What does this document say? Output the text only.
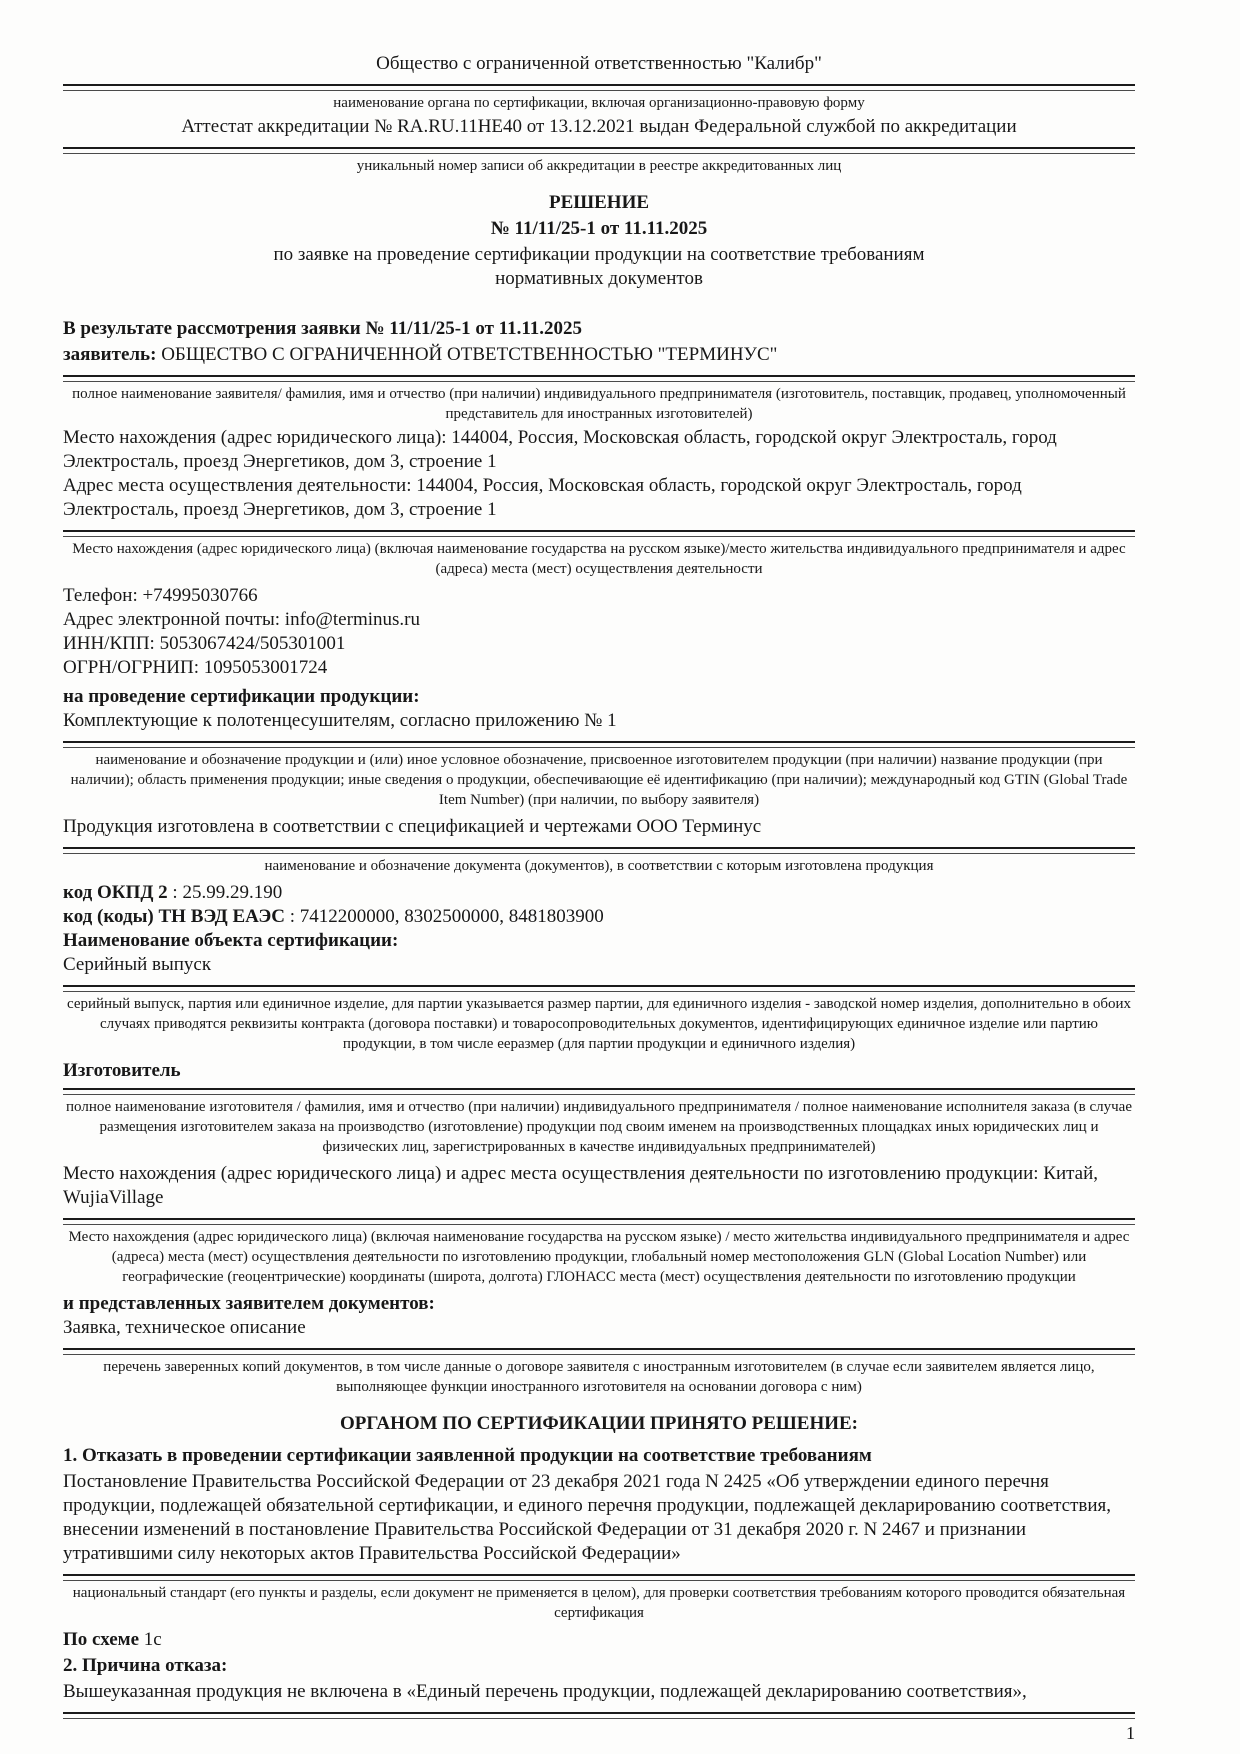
Общество с ограниченной ответственностью "Калибр"
наименование органа по сертификации, включая организационно-правовую форму
Аттестат аккредитации № RA.RU.11HE40 от 13.12.2021 выдан Федеральной службой по аккредитации
уникальный номер записи об аккредитации в реестре аккредитованных лиц
РЕШЕНИЕ
№ 11/11/25-1 от 11.11.2025
по заявке на проведение сертификации продукции на соответствие требованиям
нормативных документов
В результате рассмотрения заявки № 11/11/25-1 от 11.11.2025
заявитель: ОБЩЕСТВО С ОГРАНИЧЕННОЙ ОТВЕТСТВЕННОСТЬЮ "ТЕРМИНУС"
полное наименование заявителя/ фамилия, имя и отчество (при наличии) индивидуального предпринимателя (изготовитель, поставщик, продавец, уполномоченный представитель для иностранных изготовителей)
Место нахождения (адрес юридического лица): 144004, Россия, Московская область, городской округ Электросталь, город Электросталь, проезд Энергетиков, дом 3, строение 1
Адрес места осуществления деятельности: 144004, Россия, Московская область, городской округ Электросталь, город Электросталь, проезд Энергетиков, дом 3, строение 1
Место нахождения (адрес юридического лица) (включая наименование государства на русском языке)/место жительства индивидуального предпринимателя и адрес (адреса) места (мест) осуществления деятельности
Телефон: +74995030766
Адрес электронной почты: info@terminus.ru
ИНН/КПП: 5053067424/505301001
ОГРН/ОГРНИП: 1095053001724
на проведение сертификации продукции:
Комплектующие к полотенцесушителям, согласно приложению № 1
наименование и обозначение продукции и (или) иное условное обозначение, присвоенное изготовителем продукции (при наличии) название продукции (при наличии); область применения продукции; иные сведения о продукции, обеспечивающие её идентификацию (при наличии); международный код GTIN (Global Trade Item Number) (при наличии, по выбору заявителя)
Продукция изготовлена в соответствии с спецификацией и чертежами ООО Терминус
наименование и обозначение документа (документов), в соответствии с которым изготовлена продукция
код ОКПД 2 : 25.99.29.190
код (коды) ТН ВЭД ЕАЭС : 7412200000, 8302500000, 8481803900
Наименование объекта сертификации:
Серийный выпуск
серийный выпуск, партия или единичное изделие, для партии указывается размер партии, для единичного изделия - заводской номер изделия, дополнительно в обоих случаях приводятся реквизиты контракта (договора поставки) и товаросопроводительных документов, идентифицирующих единичное изделие или партию продукции, в том числе ееразмер (для партии продукции и единичного изделия)
Изготовитель
полное наименование изготовителя / фамилия, имя и отчество (при наличии) индивидуального предпринимателя / полное наименование исполнителя заказа (в случае размещения изготовителем заказа на производство (изготовление) продукции под своим именем на производственных площадках иных юридических лиц и физических лиц, зарегистрированных в качестве индивидуальных предпринимателей)
Место нахождения (адрес юридического лица) и адрес места осуществления деятельности по изготовлению продукции: Китай, WujiaVillage
Место нахождения (адрес юридического лица) (включая наименование государства на русском языке) / место жительства индивидуального предпринимателя и адрес (адреса) места (мест) осуществления деятельности по изготовлению продукции, глобальный номер местоположения GLN (Global Location Number) или географические (геоцентрические) координаты (широта, долгота) ГЛОНАСС места (мест) осуществления деятельности по изготовлению продукции
и представленных заявителем документов:
Заявка, техническое описание
перечень заверенных копий документов, в том числе данные о договоре заявителя с иностранным изготовителем (в случае если заявителем является лицо, выполняющее функции иностранного изготовителя на основании договора с ним)
ОРГАНОМ ПО СЕРТИФИКАЦИИ ПРИНЯТО РЕШЕНИЕ:
1. Отказать в проведении сертификации заявленной продукции на соответствие требованиям
Постановление Правительства Российской Федерации от 23 декабря 2021 года N 2425 «Об утверждении единого перечня продукции, подлежащей обязательной сертификации, и единого перечня продукции, подлежащей декларированию соответствия, внесении изменений в постановление Правительства Российской Федерации от 31 декабря 2020 г. N 2467 и признании утратившими силу некоторых актов Правительства Российской Федерации»
национальный стандарт (его пункты и разделы, если документ не применяется в целом), для проверки соответствия требованиям которого проводится обязательная сертификация
По схеме 1с
2. Причина отказа:
Вышеуказанная продукция не включена в «Единый перечень продукции, подлежащей декларированию соответствия»,
1
